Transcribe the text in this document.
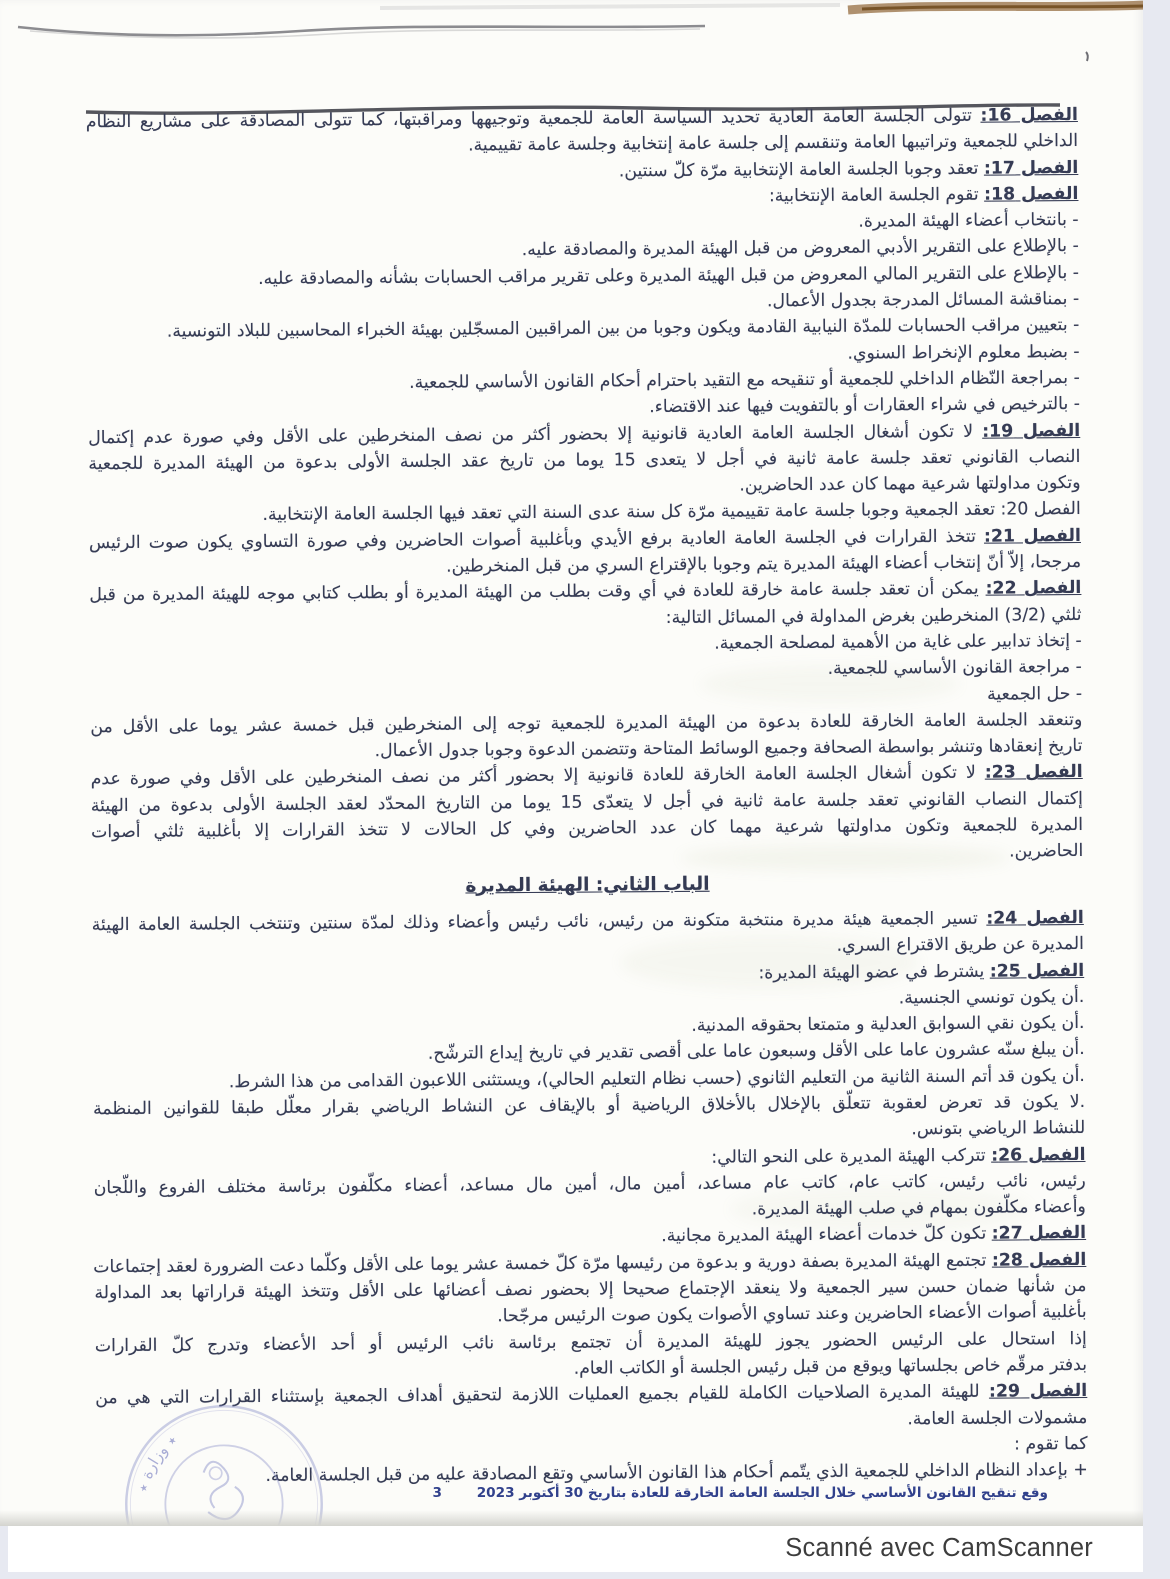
الفصل 16: تتولى الجلسة العامة العادية تحديد السياسة العامة للجمعية وتوجيهها ومراقبتها، كما تتولى المصادقة على مشاريع النظام
الداخلي للجمعية وتراتيبها العامة وتنقسم إلى جلسة عامة إنتخابية وجلسة عامة تقييمية.
الفصل 17: تعقد وجوبا الجلسة العامة الإنتخابية مرّة كلّ سنتين.
الفصل 18: تقوم الجلسة العامة الإنتخابية:
- بانتخاب أعضاء الهيئة المديرة.
- بالإطلاع على التقرير الأدبي المعروض من قبل الهيئة المديرة والمصادقة عليه.
- بالإطلاع على التقرير المالي المعروض من قبل الهيئة المديرة وعلى تقرير مراقب الحسابات بشأنه والمصادقة عليه.
- بمناقشة المسائل المدرجة بجدول الأعمال.
- بتعيين مراقب الحسابات للمدّة النيابية القادمة ويكون وجوبا من بين المراقبين المسجّلين بهيئة الخبراء المحاسبين للبلاد التونسية.
- بضبط معلوم الإنخراط السنوي.
- بمراجعة النّظام الداخلي للجمعية أو تنقيحه مع التقيد باحترام أحكام القانون الأساسي للجمعية.
- بالترخيص في شراء العقارات أو بالتفويت فيها عند الاقتضاء.
الفصل 19: لا تكون أشغال الجلسة العامة العادية قانونية إلا بحضور أكثر من نصف المنخرطين على الأقل وفي صورة عدم إكتمال
النصاب القانوني تعقد جلسة عامة ثانية في أجل لا يتعدى 15 يوما من تاريخ عقد الجلسة الأولى بدعوة من الهيئة المديرة للجمعية
وتكون مداولتها شرعية مهما كان عدد الحاضرين.
الفصل 20: تعقد الجمعية وجوبا جلسة عامة تقييمية مرّة كل سنة عدى السنة التي تعقد فيها الجلسة العامة الإنتخابية.
الفصل 21: تتخذ القرارات في الجلسة العامة العادية برفع الأيدي وبأغلبية أصوات الحاضرين وفي صورة التساوي يكون صوت الرئيس
مرجحا، إلاّ أنّ إنتخاب أعضاء الهيئة المديرة يتم وجوبا بالإقتراع السري من قبل المنخرطين.
الفصل 22: يمكن أن تعقد جلسة عامة خارقة للعادة في أي وقت بطلب من الهيئة المديرة أو بطلب كتابي موجه للهيئة المديرة من قبل
ثلثي (3/2) المنخرطين بغرض المداولة في المسائل التالية:
- إتخاذ تدابير على غاية من الأهمية لمصلحة الجمعية.
- مراجعة القانون الأساسي للجمعية.
- حل الجمعية
وتنعقد الجلسة العامة الخارقة للعادة بدعوة من الهيئة المديرة للجمعية توجه إلى المنخرطين قبل خمسة عشر يوما على الأقل من
تاريخ إنعقادها وتنشر بواسطة الصحافة وجميع الوسائط المتاحة وتتضمن الدعوة وجوبا جدول الأعمال.
الفصل 23: لا تكون أشغال الجلسة العامة الخارقة للعادة قانونية إلا بحضور أكثر من نصف المنخرطين على الأقل وفي صورة عدم
إكتمال النصاب القانوني تعقد جلسة عامة ثانية في أجل لا يتعدّى 15 يوما من التاريخ المحدّد لعقد الجلسة الأولى بدعوة من الهيئة
المديرة للجمعية وتكون مداولتها شرعية مهما كان عدد الحاضرين وفي كل الحالات لا تتخذ القرارات إلا بأغلبية ثلثي أصوات
الحاضرين.
الباب الثاني: الهيئة المديرة
الفصل 24: تسير الجمعية هيئة مديرة منتخبة متكونة من رئيس، نائب رئيس وأعضاء وذلك لمدّة سنتين وتنتخب الجلسة العامة الهيئة
المديرة عن طريق الاقتراع السري.
الفصل 25: يشترط في عضو الهيئة المديرة:
.أن يكون تونسي الجنسية.
.أن يكون نقي السوابق العدلية و متمتعا بحقوقه المدنية.
.أن يبلغ سنّه عشرون عاما على الأقل وسبعون عاما على أقصى تقدير في تاريخ إيداع الترشّح.
.أن يكون قد أتم السنة الثانية من التعليم الثانوي (حسب نظام التعليم الحالي)، ويستثنى اللاعبون القدامى من هذا الشرط.
.لا يكون قد تعرض لعقوبة تتعلّق بالإخلال بالأخلاق الرياضية أو بالإيقاف عن النشاط الرياضي بقرار معلّل طبقا للقوانين المنظمة
للنشاط الرياضي بتونس.
الفصل 26: تتركب الهيئة المديرة على النحو التالي:
رئيس، نائب رئيس، كاتب عام، كاتب عام مساعد، أمين مال، أمين مال مساعد، أعضاء مكلّفون برئاسة مختلف الفروع واللّجان
وأعضاء مكلّفون بمهام في صلب الهيئة المديرة.
الفصل 27: تكون كلّ خدمات أعضاء الهيئة المديرة مجانية.
الفصل 28: تجتمع الهيئة المديرة بصفة دورية و بدعوة من رئيسها مرّة كلّ خمسة عشر يوما على الأقل وكلّما دعت الضرورة لعقد إجتماعات
من شأنها ضمان حسن سير الجمعية ولا ينعقد الإجتماع صحيحا إلا بحضور نصف أعضائها على الأقل وتتخذ الهيئة قراراتها بعد المداولة
بأغلبية أصوات الأعضاء الحاضرين وعند تساوي الأصوات يكون صوت الرئيس مرجّحا.
إذا استحال على الرئيس الحضور يجوز للهيئة المديرة أن تجتمع برئاسة نائب الرئيس أو أحد الأعضاء وتدرج كلّ القرارات
بدفتر مرقّم خاص بجلساتها ويوقع من قبل رئيس الجلسة أو الكاتب العام.
الفصل 29: للهيئة المديرة الصلاحيات الكاملة للقيام بجميع العمليات اللازمة لتحقيق أهداف الجمعية بإستثناء القرارات التي هي من
مشمولات الجلسة العامة.
كما تقوم :
+ بإعداد النظام الداخلي للجمعية الذي يتّمم أحكام هذا القانون الأساسي وتقع المصادقة عليه من قبل الجلسة العامة.
وقع تنقيح القانون الأساسي خلال الجلسة العامة الخارقة للعادة بتاريخ 30 أكتوبر 2023 3
٭ وزارة ٭
Scanné avec CamScanner
